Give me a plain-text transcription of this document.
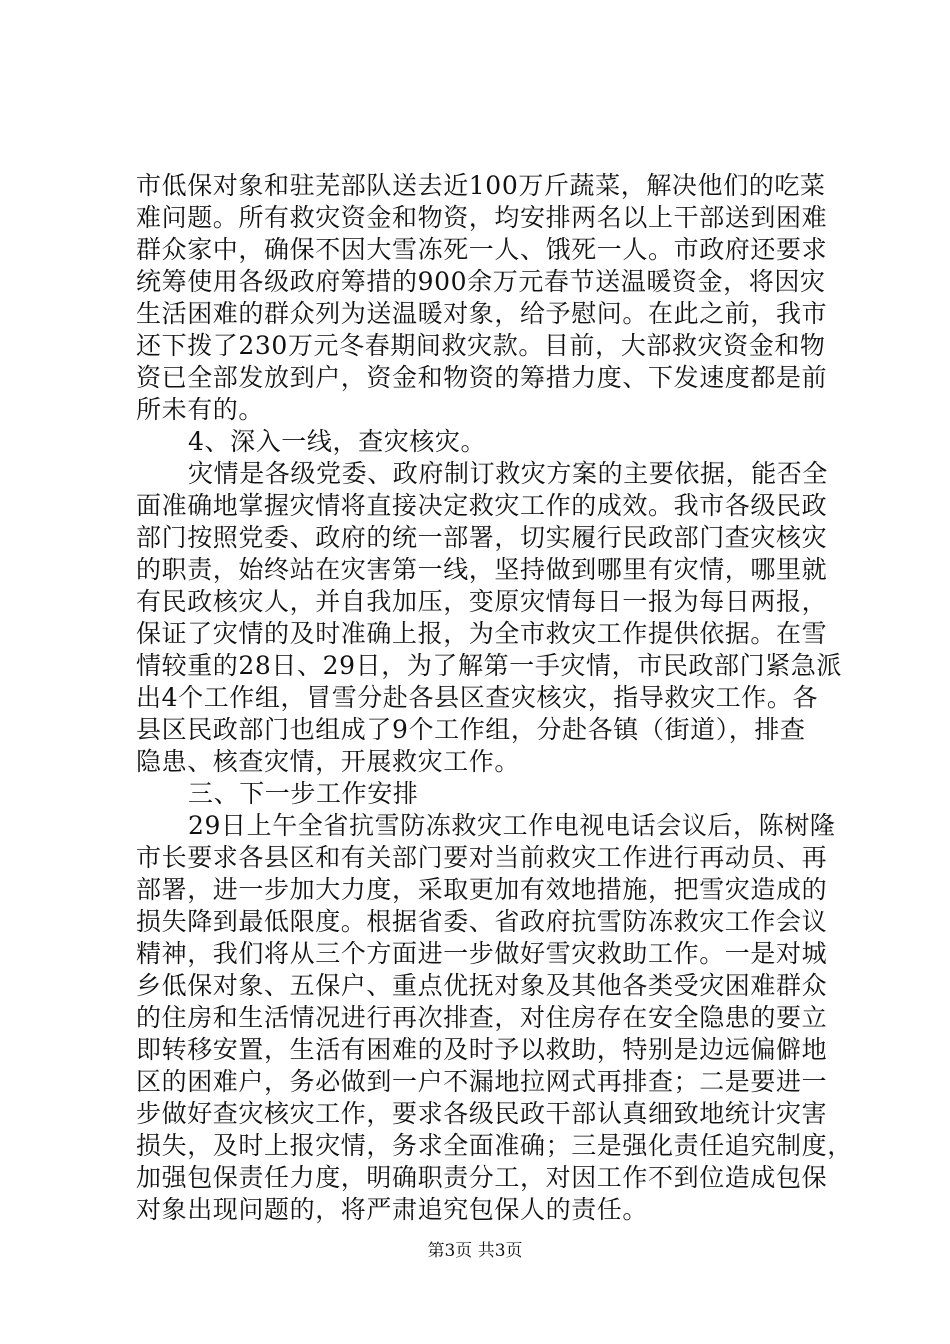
市低保对象和驻芜部队送去近100万斤蔬菜，解决他们的吃菜
难问题。所有救灾资金和物资，均安排两名以上干部送到困难
群众家中，确保不因大雪冻死一人、饿死一人。市政府还要求
统筹使用各级政府筹措的900余万元春节送温暖资金，将因灾
生活困难的群众列为送温暖对象，给予慰问。在此之前，我市
还下拨了230万元冬春期间救灾款。目前，大部救灾资金和物
资已全部发放到户，资金和物资的筹措力度、下发速度都是前
所未有的。
4、深入一线，查灾核灾。
灾情是各级党委、政府制订救灾方案的主要依据，能否全
面准确地掌握灾情将直接决定救灾工作的成效。我市各级民政
部门按照党委、政府的统一部署，切实履行民政部门查灾核灾
的职责，始终站在灾害第一线，坚持做到哪里有灾情，哪里就
有民政核灾人，并自我加压，变原灾情每日一报为每日两报，
保证了灾情的及时准确上报，为全市救灾工作提供依据。在雪
情较重的28日、29日，为了解第一手灾情，市民政部门紧急派
出4个工作组，冒雪分赴各县区查灾核灾，指导救灾工作。各
县区民政部门也组成了9个工作组，分赴各镇（街道），排查
隐患、核查灾情，开展救灾工作。
三、下一步工作安排
29日上午全省抗雪防冻救灾工作电视电话会议后，陈树隆
市长要求各县区和有关部门要对当前救灾工作进行再动员、再
部署，进一步加大力度，采取更加有效地措施，把雪灾造成的
损失降到最低限度。根据省委、省政府抗雪防冻救灾工作会议
精神，我们将从三个方面进一步做好雪灾救助工作。一是对城
乡低保对象、五保户、重点优抚对象及其他各类受灾困难群众
的住房和生活情况进行再次排查，对住房存在安全隐患的要立
即转移安置，生活有困难的及时予以救助，特别是边远偏僻地
区的困难户，务必做到一户不漏地拉网式再排查；二是要进一
步做好查灾核灾工作，要求各级民政干部认真细致地统计灾害
损失，及时上报灾情，务求全面准确；三是强化责任追究制度，
加强包保责任力度，明确职责分工，对因工作不到位造成包保
对象出现问题的，将严肃追究包保人的责任。
第3页 共3页
